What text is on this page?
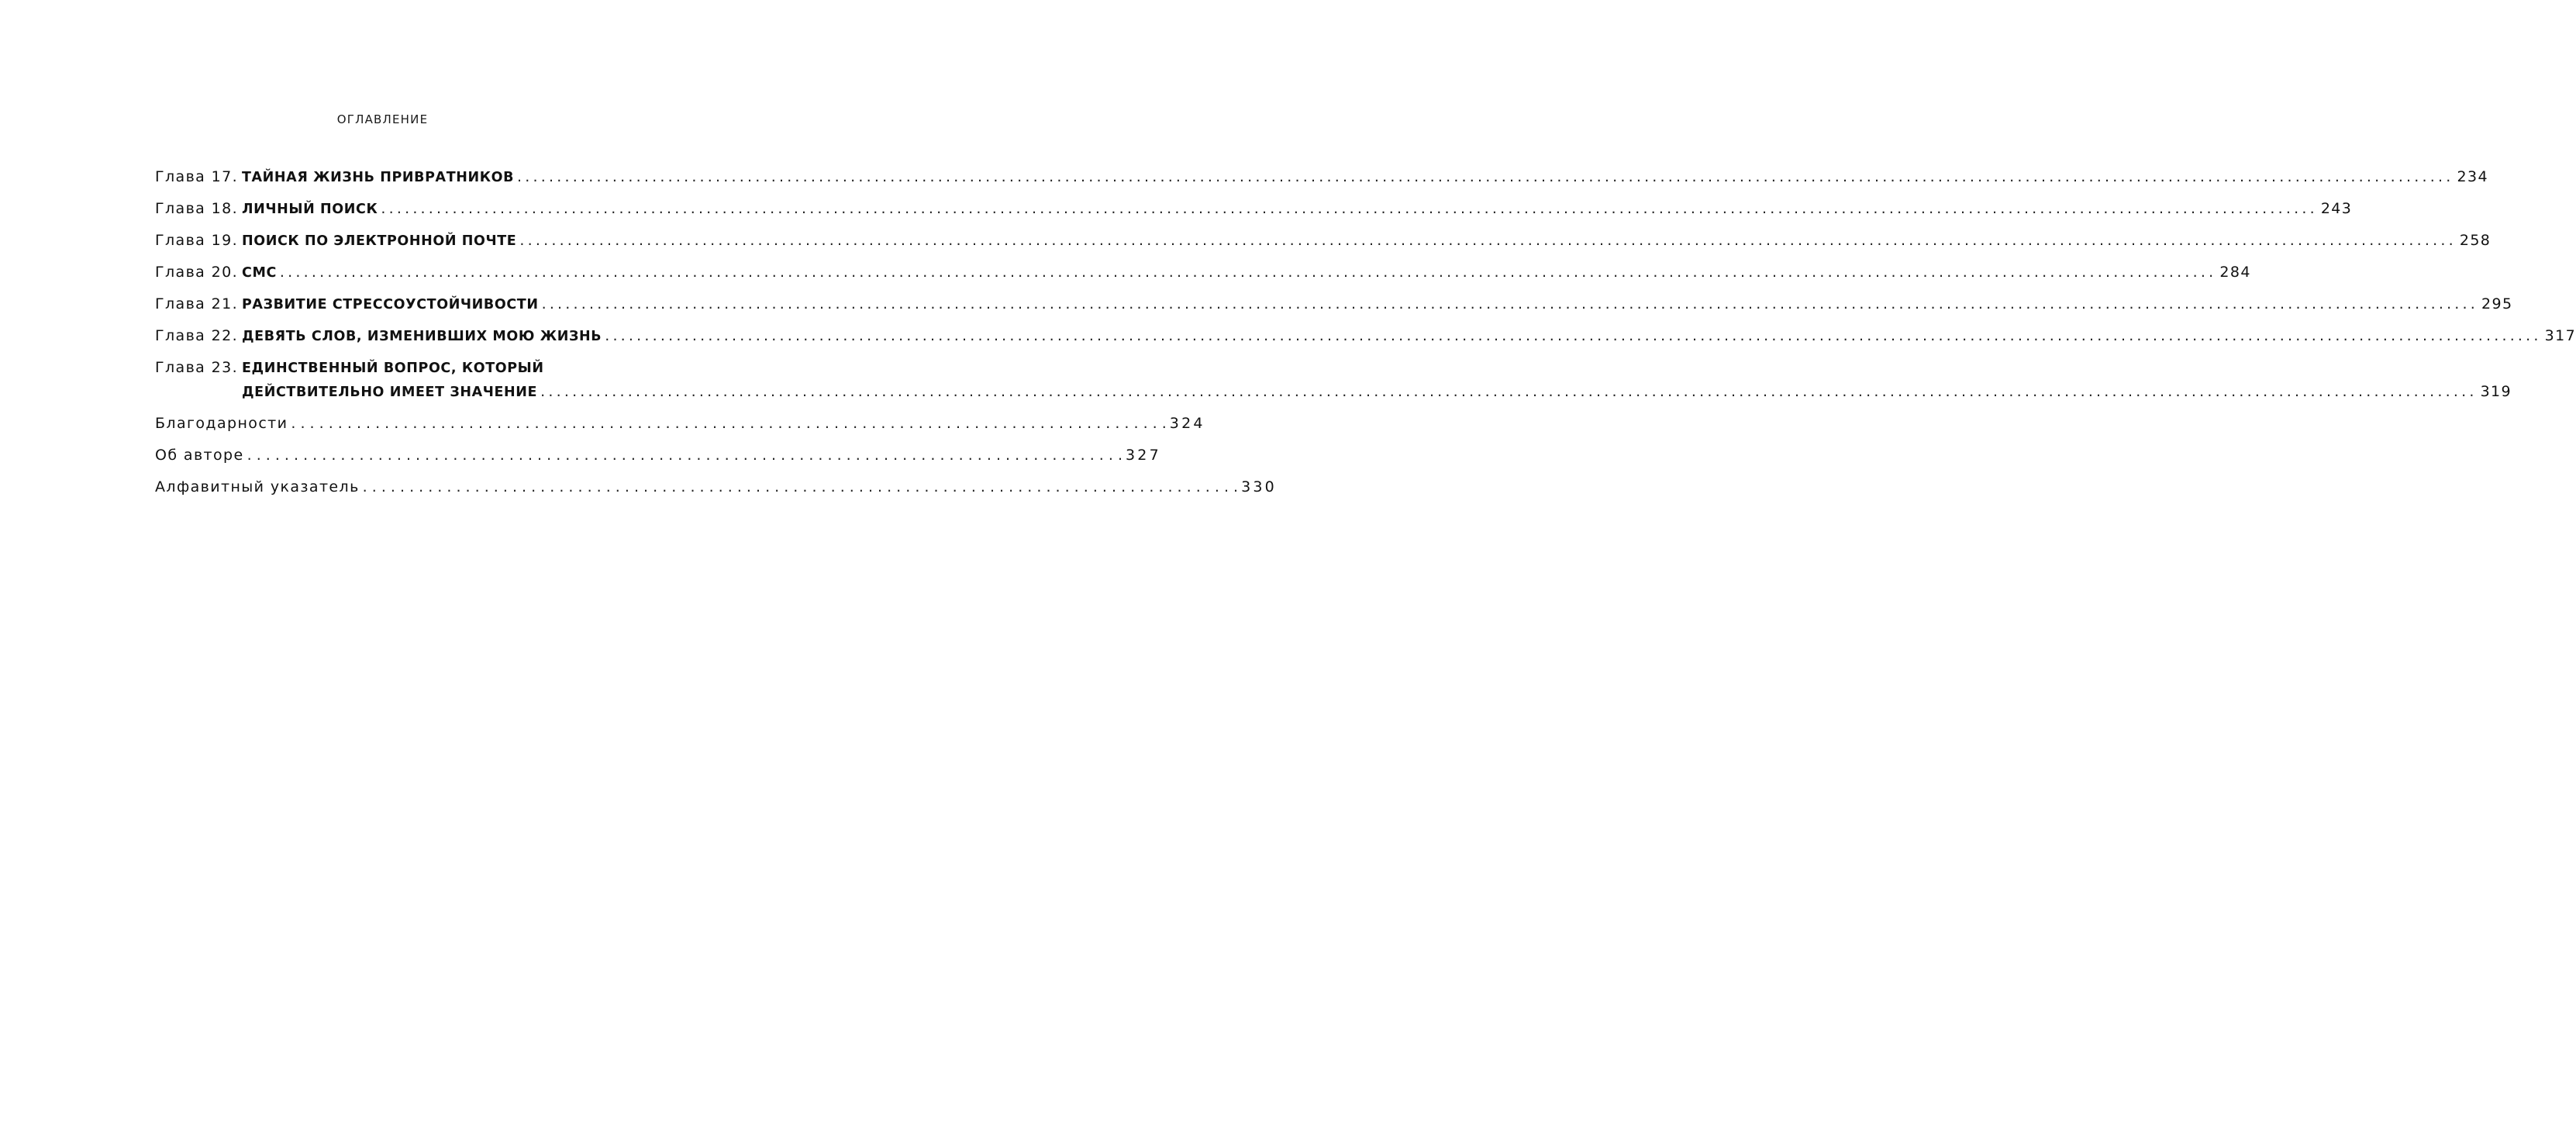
ОГЛАВЛЕНИЕ
Глава 17. ТАЙНАЯ ЖИЗНЬ ПРИВРАТНИКОВ .....	234
Глава 18. ЛИЧНЫЙ ПОИСК .....	243
Глава 19. ПОИСК ПО ЭЛЕКТРОННОЙ ПОЧТЕ .....	258
Глава 20. СМС .....	284
Глава 21. РАЗВИТИЕ СТРЕССОУСТОЙЧИВОСТИ .....	295
Глава 22. ДЕВЯТЬ СЛОВ, ИЗМЕНИВШИХ МОЮ ЖИЗНЬ .....	317
Глава 23. ЕДИНСТВЕННЫЙ ВОПРОС, КОТОРЫЙ
ДЕЙСТВИТЕЛЬНО ИМЕЕТ ЗНАЧЕНИЕ .....	319
Благодарности . . .	324
Об авторе . . .	327
Алфавитный указатель . . .	330
